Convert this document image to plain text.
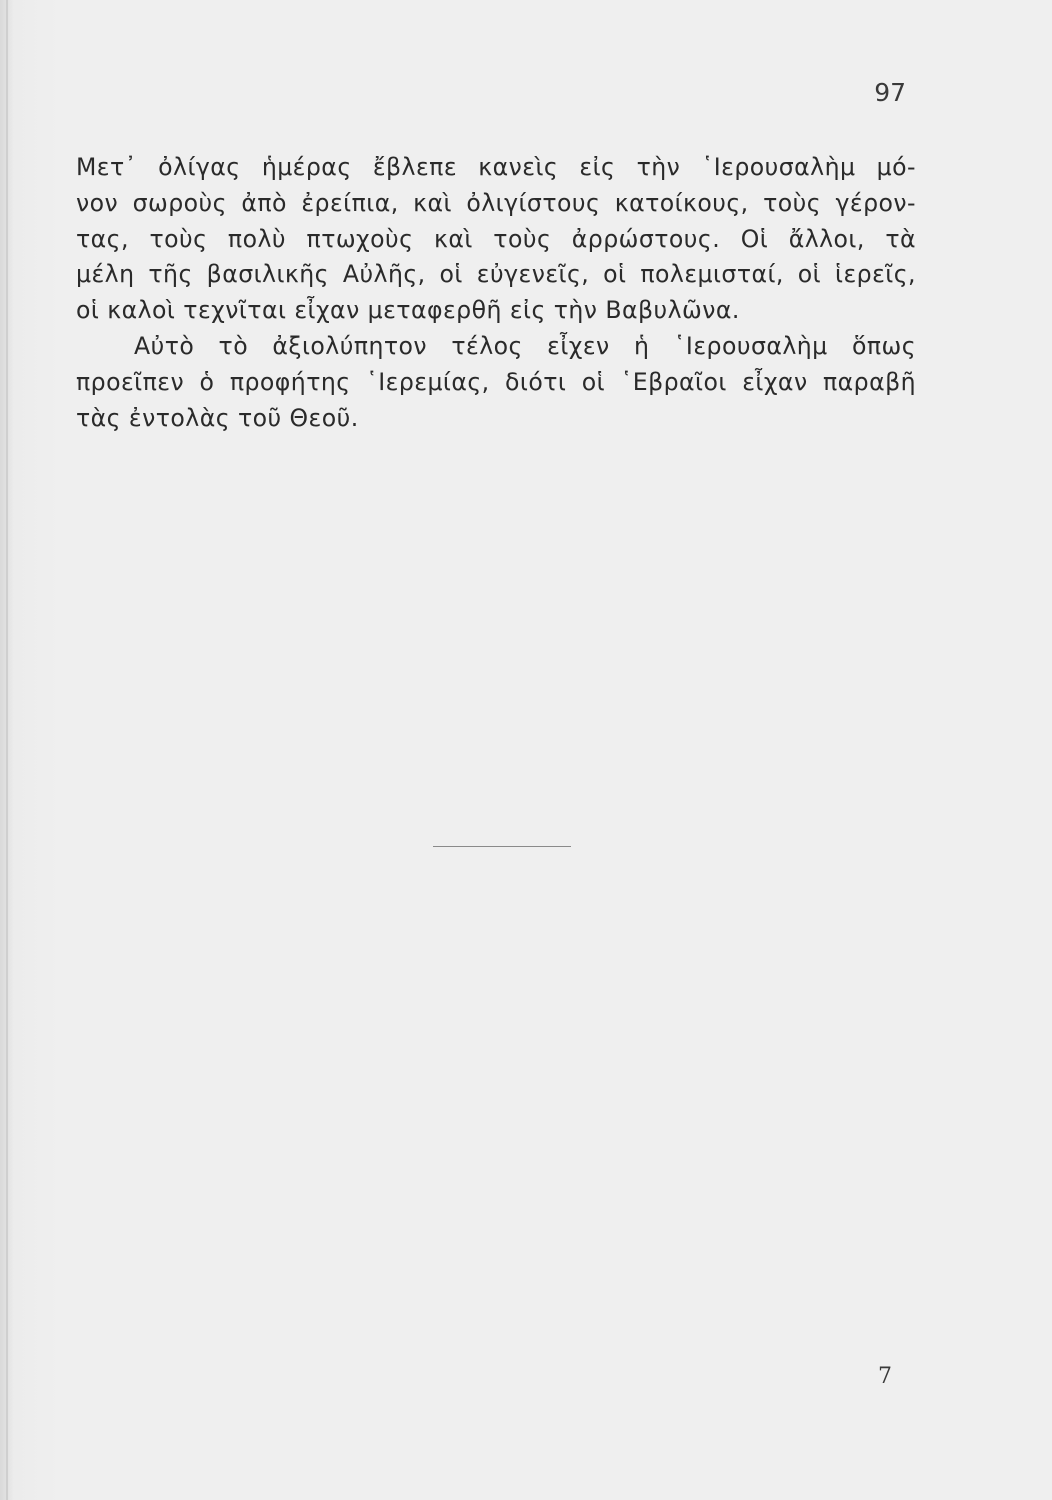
97
Μετ᾽ ὀλίγας ἡμέρας ἔβλεπε κανεὶς εἰς τὴν ῾Ιερουσαλὴμ μό-
νον σωροὺς ἀπὸ ἐρείπια, καὶ ὀλιγίστους κατοίκους, τοὺς γέρον-
τας, τοὺς πολὺ πτωχοὺς καὶ τοὺς ἀρρώστους. Οἱ ἄλλοι, τὰ
μέλη τῆς βασιλικῆς Αὐλῆς, οἱ εὐγενεῖς, οἱ πολεμισταί, οἱ ἱερεῖς,
οἱ καλοὶ τεχνῖται εἶχαν μεταφερθῆ εἰς τὴν Βαβυλῶνα.
Αὐτὸ τὸ ἀξιολύπητον τέλος εἶχεν ἡ ῾Ιερουσαλὴμ ὅπως
προεῖπεν ὁ προφήτης ῾Ιερεμίας, διότι οἱ ῾Εβραῖοι εἶχαν παραβῆ
τὰς ἐντολὰς τοῦ Θεοῦ.
7
